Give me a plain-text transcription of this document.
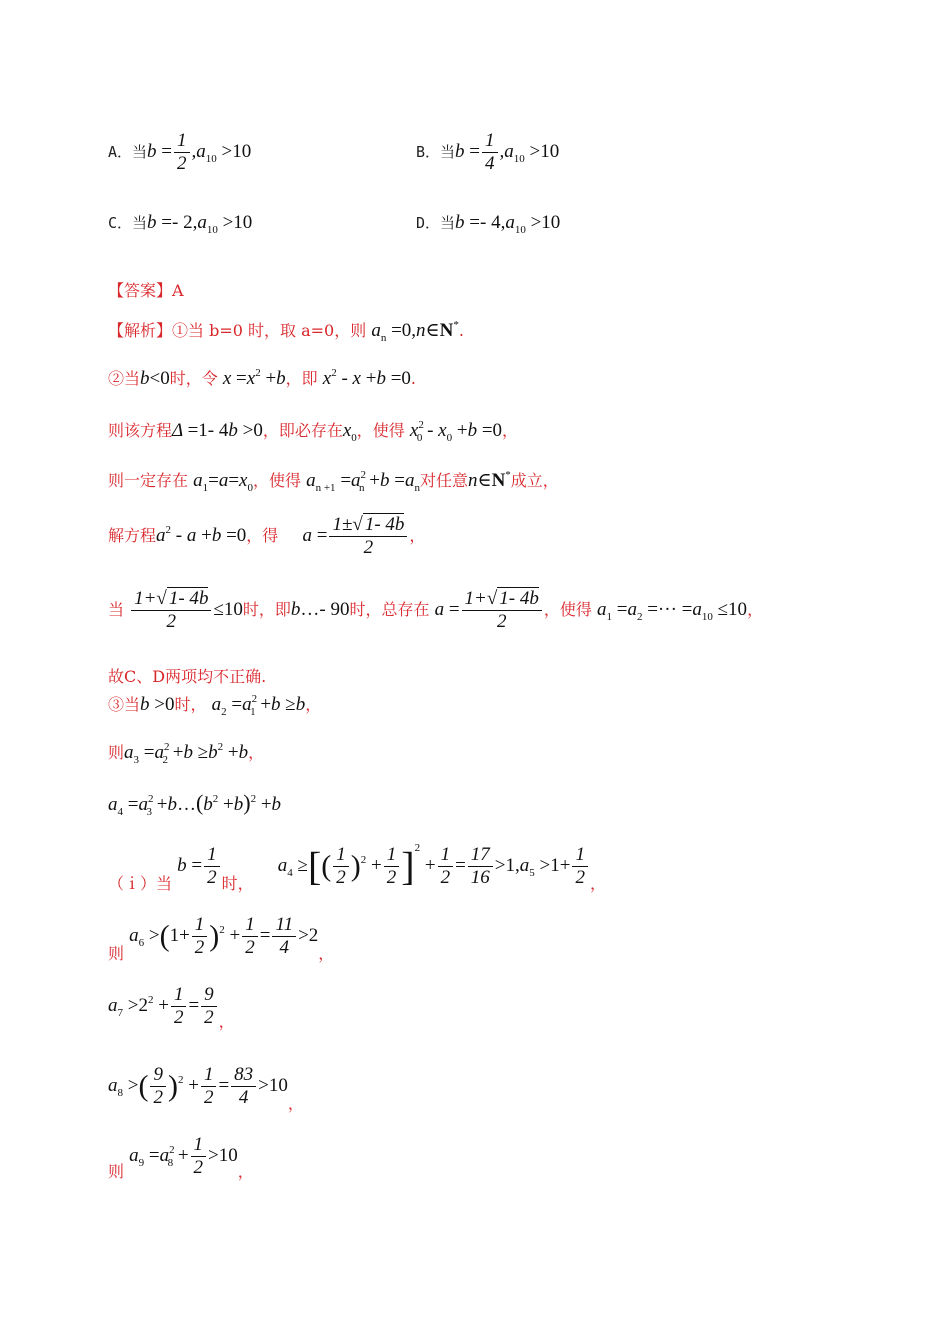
A．当$b = \frac{1}{2} ,a_{10} >10$	B．当$b = \frac{1}{4} ,a_{10} >10$
C．当$b =- 2,a_{10} >10$	D．当$b =- 4,a_{10} >10$
【答案】A
【解析】①当 b=0 时，取 a=0，则 $a_n$ =0,n∈N*.
②当b<0时，令 $x =x^2 +b$，即 $x^2 - x +b =0$.
则该方程Δ =1- 4b >0，即必存在$x_0$，使得 $x^2_0 - x_0 +b =0$，
则一定存在 $a_1=a=x_0$，使得 $a_{n +1} =a^2_n +b =a_n$对任意n∈N*成立，
解方程$a^2 - a +b =0$，得 $a = \frac{1\pm√ 1- 4b}{2}$ ，
当 $\frac{1+√ 1- 4b}{2} \le 10$时，即b…- 90时，总存在 $a = \frac{1+√ 1- 4b}{2}$ ，使得 $a_1 =a_2$ =··· $=a_{10} \le 10$，
故C、D两项均不正确.
③当b >0时， $a_2 =a^2_1 +b \ge b$，
则$a_3 =a^2_2 +b \ge b^2 +b$，
$a_4 =a^2_3$ $+b\dots(b^2 +b)^2 +b$
（ｉ）当 $b = \frac{1}{2}$ 时，  $a_4$ ≥[( $\frac{1}{2} )^2 + \frac{1}{2} ]^2 + \frac{1}{2} = \frac{17}{16} >1,a_5 >1+ \frac{1}{2}$ ，
则 $a_6 >(1+ \frac{1}{2} )^2 + \frac{1}{2} = \frac{11}{4} >2$，
$a_7 >2^2 + \frac{1}{2} = \frac{9}{2}$ ，
$a_8$ >( $\frac{9}{2} )^2 + \frac{1}{2} = \frac{83}{4} >10$，
则 $a_9 =a^2_8 + \frac{1}{2} >10$，
